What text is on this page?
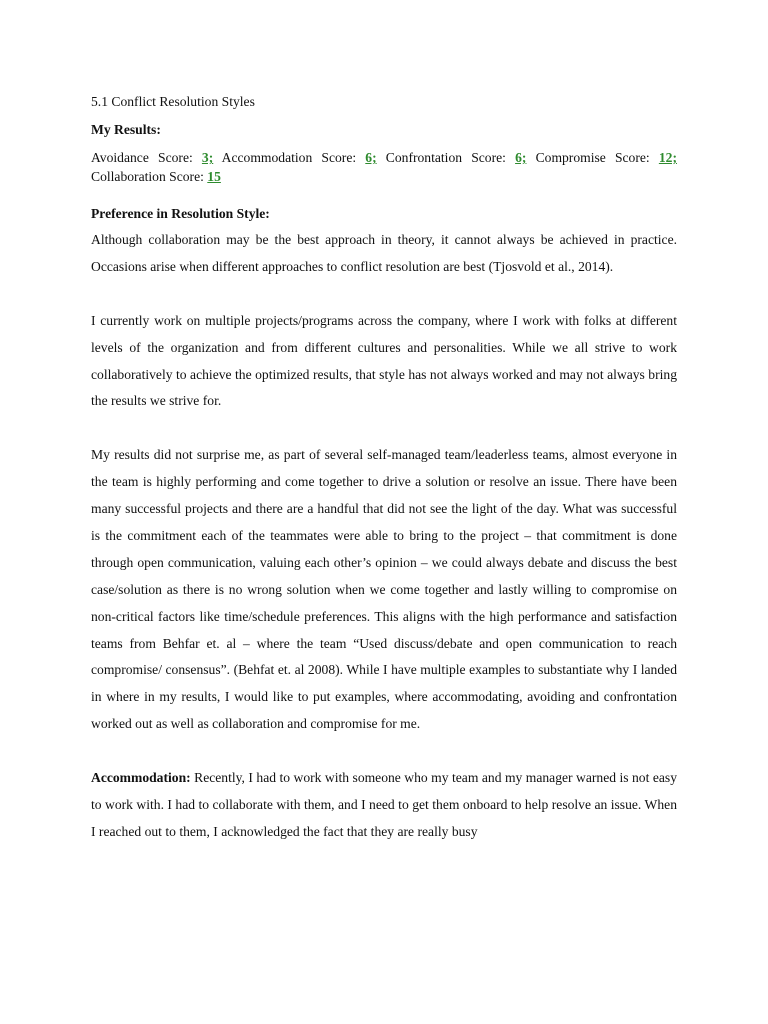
5.1 Conflict Resolution Styles

My Results:

Avoidance Score: 3; Accommodation Score: 6; Confrontation Score: 6; Compromise Score: 12; Collaboration Score: 15

Preference in Resolution Style:

Although collaboration may be the best approach in theory, it cannot always be achieved in practice. Occasions arise when different approaches to conflict resolution are best (Tjosvold et al., 2014).

I currently work on multiple projects/programs across the company, where I work with folks at different levels of the organization and from different cultures and personalities. While we all strive to work collaboratively to achieve the optimized results, that style has not always worked and may not always bring the results we strive for.

My results did not surprise me, as part of several self-managed team/leaderless teams, almost everyone in the team is highly performing and come together to drive a solution or resolve an issue. There have been many successful projects and there are a handful that did not see the light of the day. What was successful is the commitment each of the teammates were able to bring to the project – that commitment is done through open communication, valuing each other’s opinion – we could always debate and discuss the best case/solution as there is no wrong solution when we come together and lastly willing to compromise on non-critical factors like time/schedule preferences. This aligns with the high performance and satisfaction teams from Behfar et. al – where the team “Used discuss/debate and open communication to reach compromise/ consensus”. (Behfat et. al 2008). While I have multiple examples to substantiate why I landed in where in my results, I would like to put examples, where accommodating, avoiding and confrontation worked out as well as collaboration and compromise for me.

Accommodation: Recently, I had to work with someone who my team and my manager warned is not easy to work with. I had to collaborate with them, and I need to get them onboard to help resolve an issue. When I reached out to them, I acknowledged the fact that they are really busy
